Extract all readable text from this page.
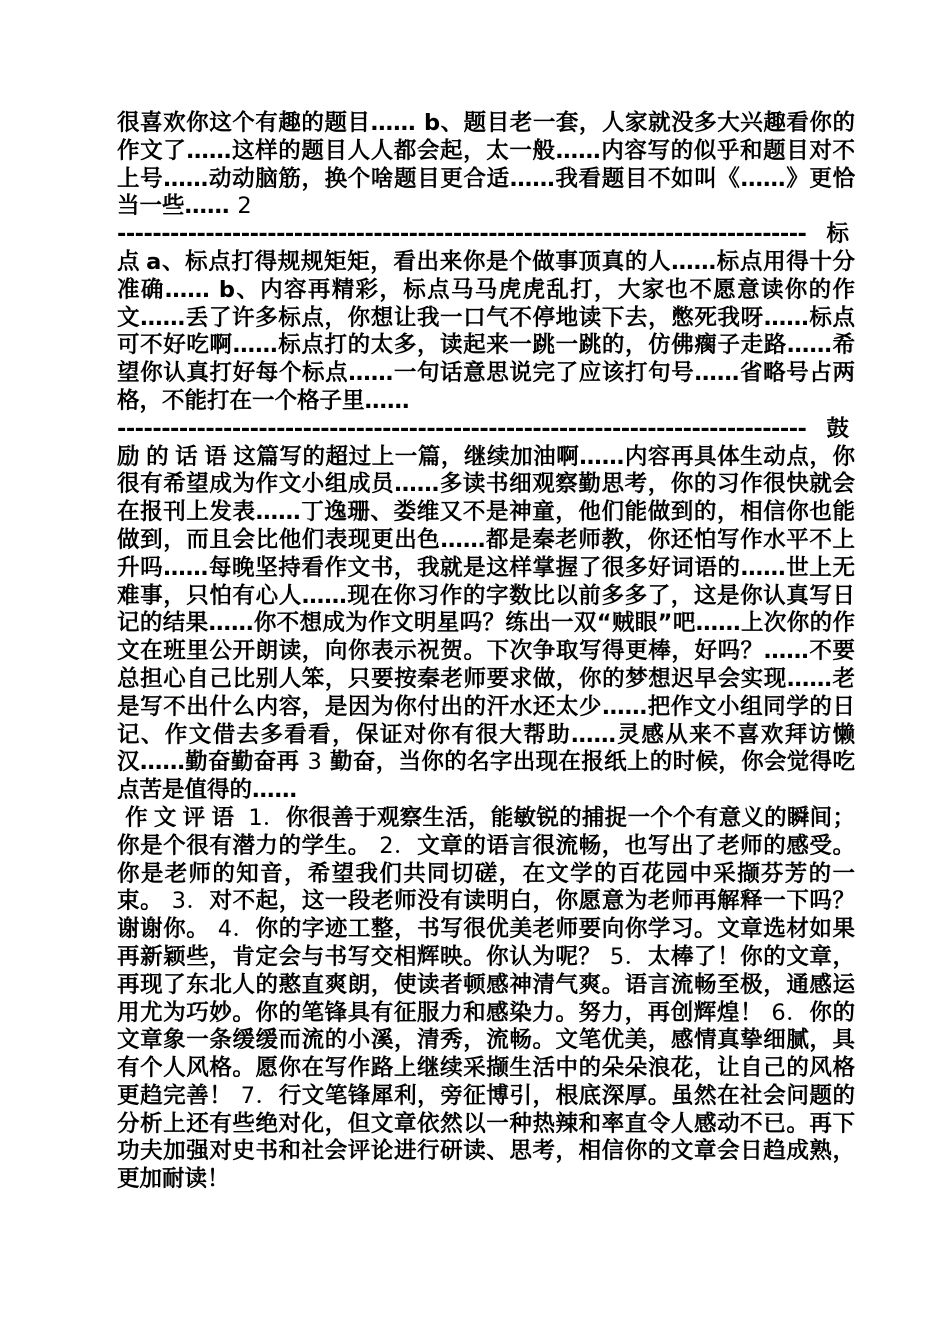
很喜欢你这个有趣的题目…… b、题目老一套，人家就没多大兴趣看你的作文了……这样的题目人人都会起，太一般……内容写的似乎和题目对不上号……动动脑筋，换个啥题目更合适……我看题目不如叫《……》更恰当一些…… 2

------------------------------------------------------------------------------标点a、标点打得规规矩矩，看出来你是个做事顶真的人……标点用得十分准确…… b、内容再精彩，标点马马虎虎乱打，大家也不愿意读你的作文……丢了许多标点，你想让我一口气不停地读下去，憋死我呀……标点可不好吃啊……标点打的太多，读起来一跳一跳的，仿佛瘸子走路……希望你认真打好每个标点……一句话意思说完了应该打句号……省略号占两格，不能打在一个格子里……

------------------------------------------------------------------------------鼓励的话语这篇写的超过上一篇，继续加油啊……内容再具体生动点，你很有希望成为作文小组成员……多读书细观察勤思考，你的习作很快就会在报刊上发表……丁逸珊、娄维又不是神童，他们能做到的，相信你也能做到，而且会比他们表现更出色……都是秦老师教，你还怕写作水平不上升吗……每晚坚持看作文书，我就是这样掌握了很多好词语的……世上无难事，只怕有心人……现在你习作的字数比以前多多了，这是你认真写日记的结果……你不想成为作文明星吗？练出一双“贼眼”吧……上次你的作文在班里公开朗读，向你表示祝贺。下次争取写得更棒，好吗？……不要总担心自己比别人笨，只要按秦老师要求做，你的梦想迟早会实现……老是写不出什么内容，是因为你付出的汗水还太少……把作文小组同学的日记、作文借去多看看，保证对你有很大帮助……灵感从来不喜欢拜访懒汉……勤奋勤奋再 3 勤奋，当你的名字出现在报纸上的时候，你会觉得吃点苦是值得的……

作文评语 1．你很善于观察生活，能敏锐的捕捉一个个有意义的瞬间；你是个很有潜力的学生。 2．文章的语言很流畅，也写出了老师的感受。你是老师的知音，希望我们共同切磋，在文学的百花园中采撷芬芳的一束。 3．对不起，这一段老师没有读明白，你愿意为老师再解释一下吗？谢谢你。 4．你的字迹工整，书写很优美老师要向你学习。文章选材如果再新颖些，肯定会与书写交相辉映。你认为呢？ 5．太棒了！你的文章，再现了东北人的憨直爽朗，使读者顿感神清气爽。语言流畅至极，通感运用尤为巧妙。你的笔锋具有征服力和感染力。努力，再创辉煌！ 6．你的文章象一条缓缓而流的小溪，清秀，流畅。文笔优美，感情真挚细腻，具有个人风格。愿你在写作路上继续采撷生活中的朵朵浪花，让自己的风格更趋完善！ 7．行文笔锋犀利，旁征博引，根底深厚。虽然在社会问题的分析上还有些绝对化，但文章依然以一种热辣和率直令人感动不已。再下功夫加强对史书和社会评论进行研读、思考，相信你的文章会日趋成熟，更加耐读！
